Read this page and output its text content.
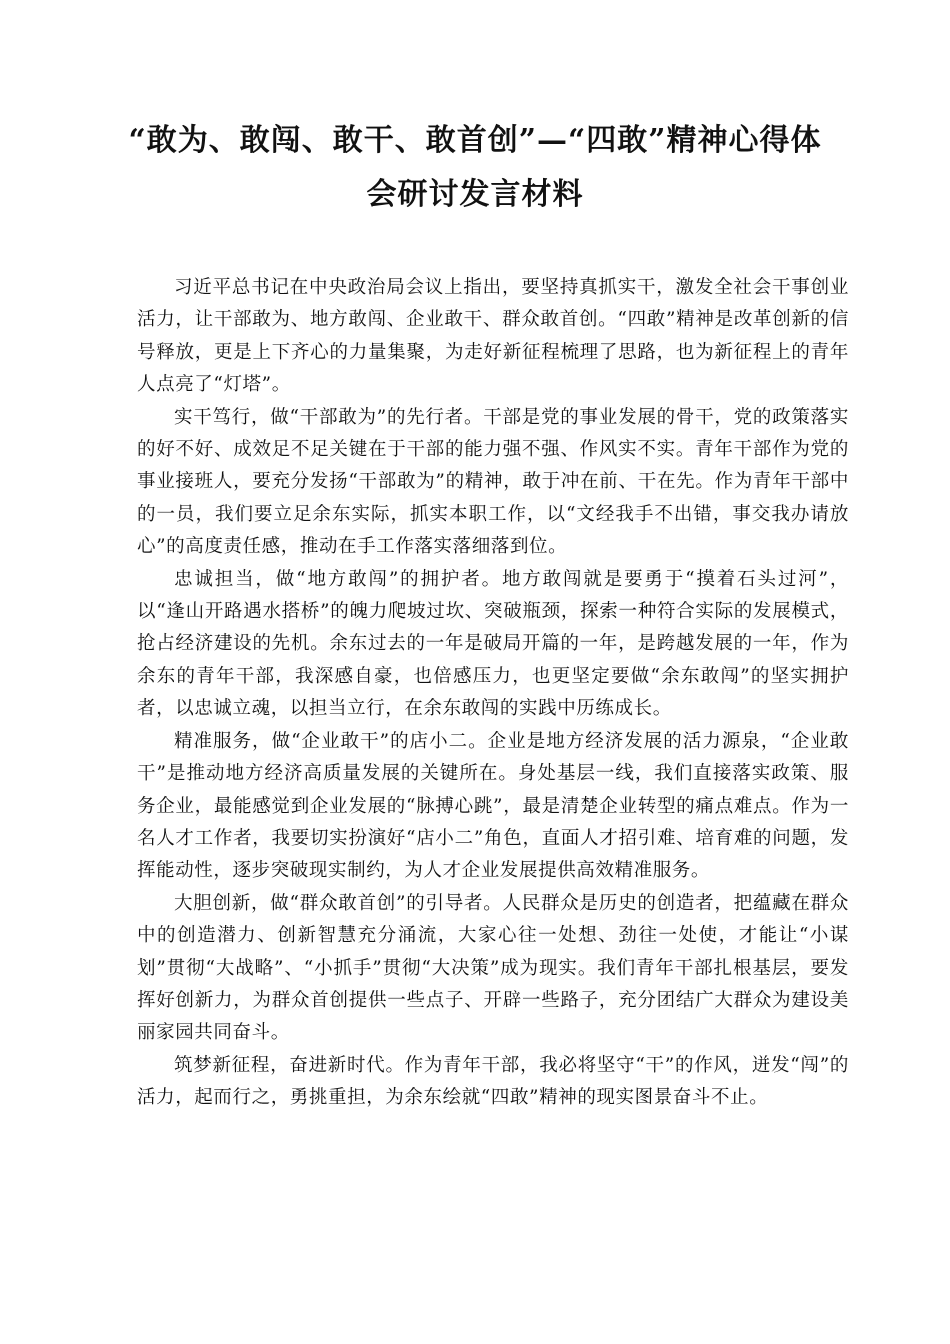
“敢为、敢闯、敢干、敢首创”—“四敢”精神心得体
会研讨发言材料

习近平总书记在中央政治局会议上指出，要坚持真抓实干，激发全社会干事创业活力，让干部敢为、地方敢闯、企业敢干、群众敢首创。“四敢”精神是改革创新的信号释放，更是上下齐心的力量集聚，为走好新征程梳理了思路，也为新征程上的青年人点亮了“灯塔”。

实干笃行，做“干部敢为”的先行者。干部是党的事业发展的骨干，党的政策落实的好不好、成效足不足关键在于干部的能力强不强、作风实不实。青年干部作为党的事业接班人，要充分发扬“干部敢为”的精神，敢于冲在前、干在先。作为青年干部中的一员，我们要立足余东实际，抓实本职工作，以“文经我手不出错，事交我办请放心”的高度责任感，推动在手工作落实落细落到位。

忠诚担当，做“地方敢闯”的拥护者。地方敢闯就是要勇于“摸着石头过河”，以“逢山开路遇水搭桥”的魄力爬坡过坎、突破瓶颈，探索一种符合实际的发展模式，抢占经济建设的先机。余东过去的一年是破局开篇的一年，是跨越发展的一年，作为余东的青年干部，我深感自豪，也倍感压力，也更坚定要做“余东敢闯”的坚实拥护者，以忠诚立魂，以担当立行，在余东敢闯的实践中历练成长。

精准服务，做“企业敢干”的店小二。企业是地方经济发展的活力源泉，“企业敢干”是推动地方经济高质量发展的关键所在。身处基层一线，我们直接落实政策、服务企业，最能感觉到企业发展的“脉搏心跳”，最是清楚企业转型的痛点难点。作为一名人才工作者，我要切实扮演好“店小二”角色，直面人才招引难、培育难的问题，发挥能动性，逐步突破现实制约，为人才企业发展提供高效精准服务。

大胆创新，做“群众敢首创”的引导者。人民群众是历史的创造者，把蕴藏在群众中的创造潜力、创新智慧充分涌流，大家心往一处想、劲往一处使，才能让“小谋划”贯彻“大战略”、“小抓手”贯彻“大决策”成为现实。我们青年干部扎根基层，要发挥好创新力，为群众首创提供一些点子、开辟一些路子，充分团结广大群众为建设美丽家园共同奋斗。

筑梦新征程，奋进新时代。作为青年干部，我必将坚守“干”的作风，迸发“闯”的活力，起而行之，勇挑重担，为余东绘就“四敢”精神的现实图景奋斗不止。
